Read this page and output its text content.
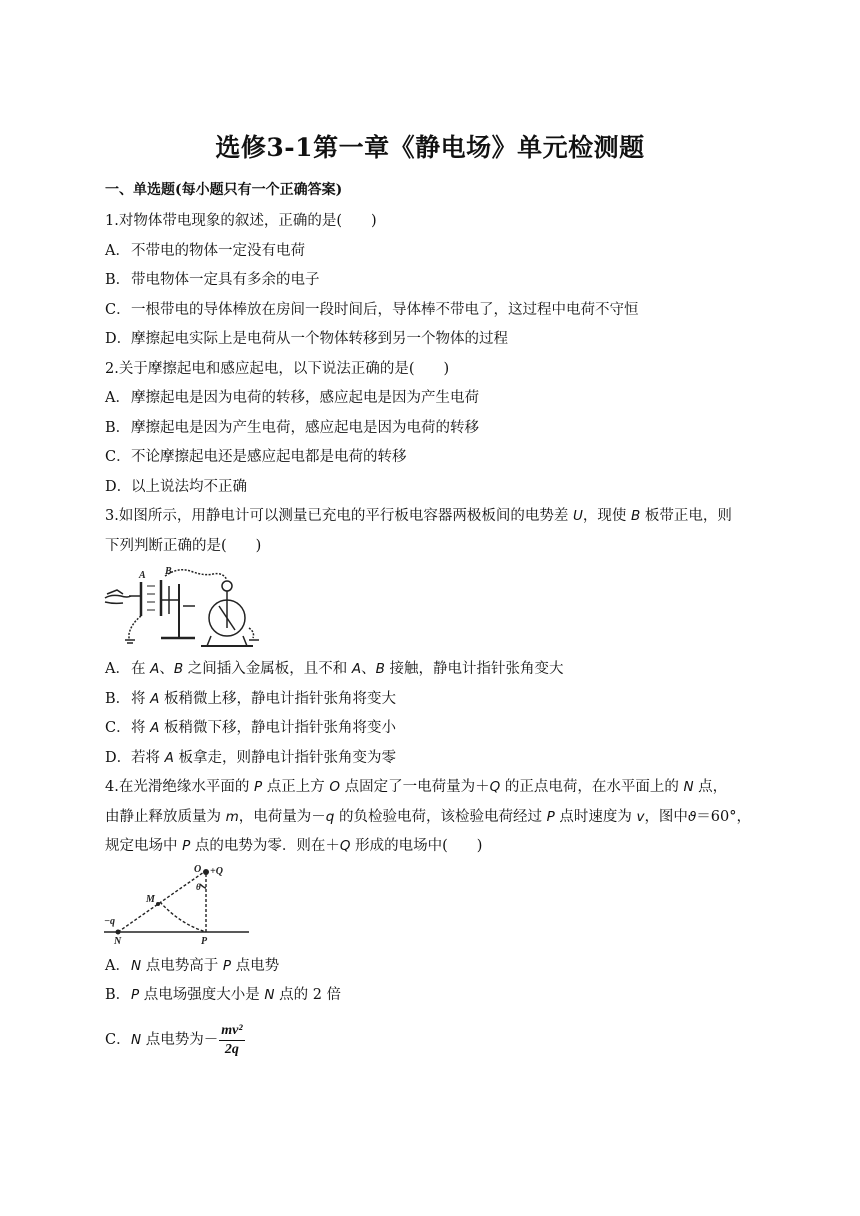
选修3-1第一章《静电场》单元检测题
一、单选题(每小题只有一个正确答案)
1.对物体带电现象的叙述，正确的是(　　)
A．不带电的物体一定没有电荷
B．带电物体一定具有多余的电子
C．一根带电的导体棒放在房间一段时间后，导体棒不带电了，这过程中电荷不守恒
D．摩擦起电实际上是电荷从一个物体转移到另一个物体的过程
2.关于摩擦起电和感应起电，以下说法正确的是(　　)
A．摩擦起电是因为电荷的转移，感应起电是因为产生电荷
B．摩擦起电是因为产生电荷，感应起电是因为电荷的转移
C．不论摩擦起电还是感应起电都是电荷的转移
D．以上说法均不正确
3.如图所示，用静电计可以测量已充电的平行板电容器两极板间的电势差 U，现使 B 板带正电，则
下列判断正确的是(　　)
A B
A．在 A、B 之间插入金属板，且不和 A、B 接触，静电计指针张角变大
B．将 A 板稍微上移，静电计指针张角将变大
C．将 A 板稍微下移，静电计指针张角将变小
D．若将 A 板拿走，则静电计指针张角变为零
4.在光滑绝缘水平面的 P 点正上方 O 点固定了一电荷量为＋Q 的正点电荷，在水平面上的 N 点，
由静止释放质量为 m，电荷量为－q 的负检验电荷，该检验电荷经过 P 点时速度为 v，图中ϑ＝60°，
规定电场中 P 点的电势为零．则在＋Q 形成的电场中(　　)
O +Q
θ
M
−q
N	P
A．N 点电势高于 P 点电势
B．P 点电场强度大小是 N 点的 2 倍
C．N 点电势为－ $\frac{\text{mv²}}{2q}$
